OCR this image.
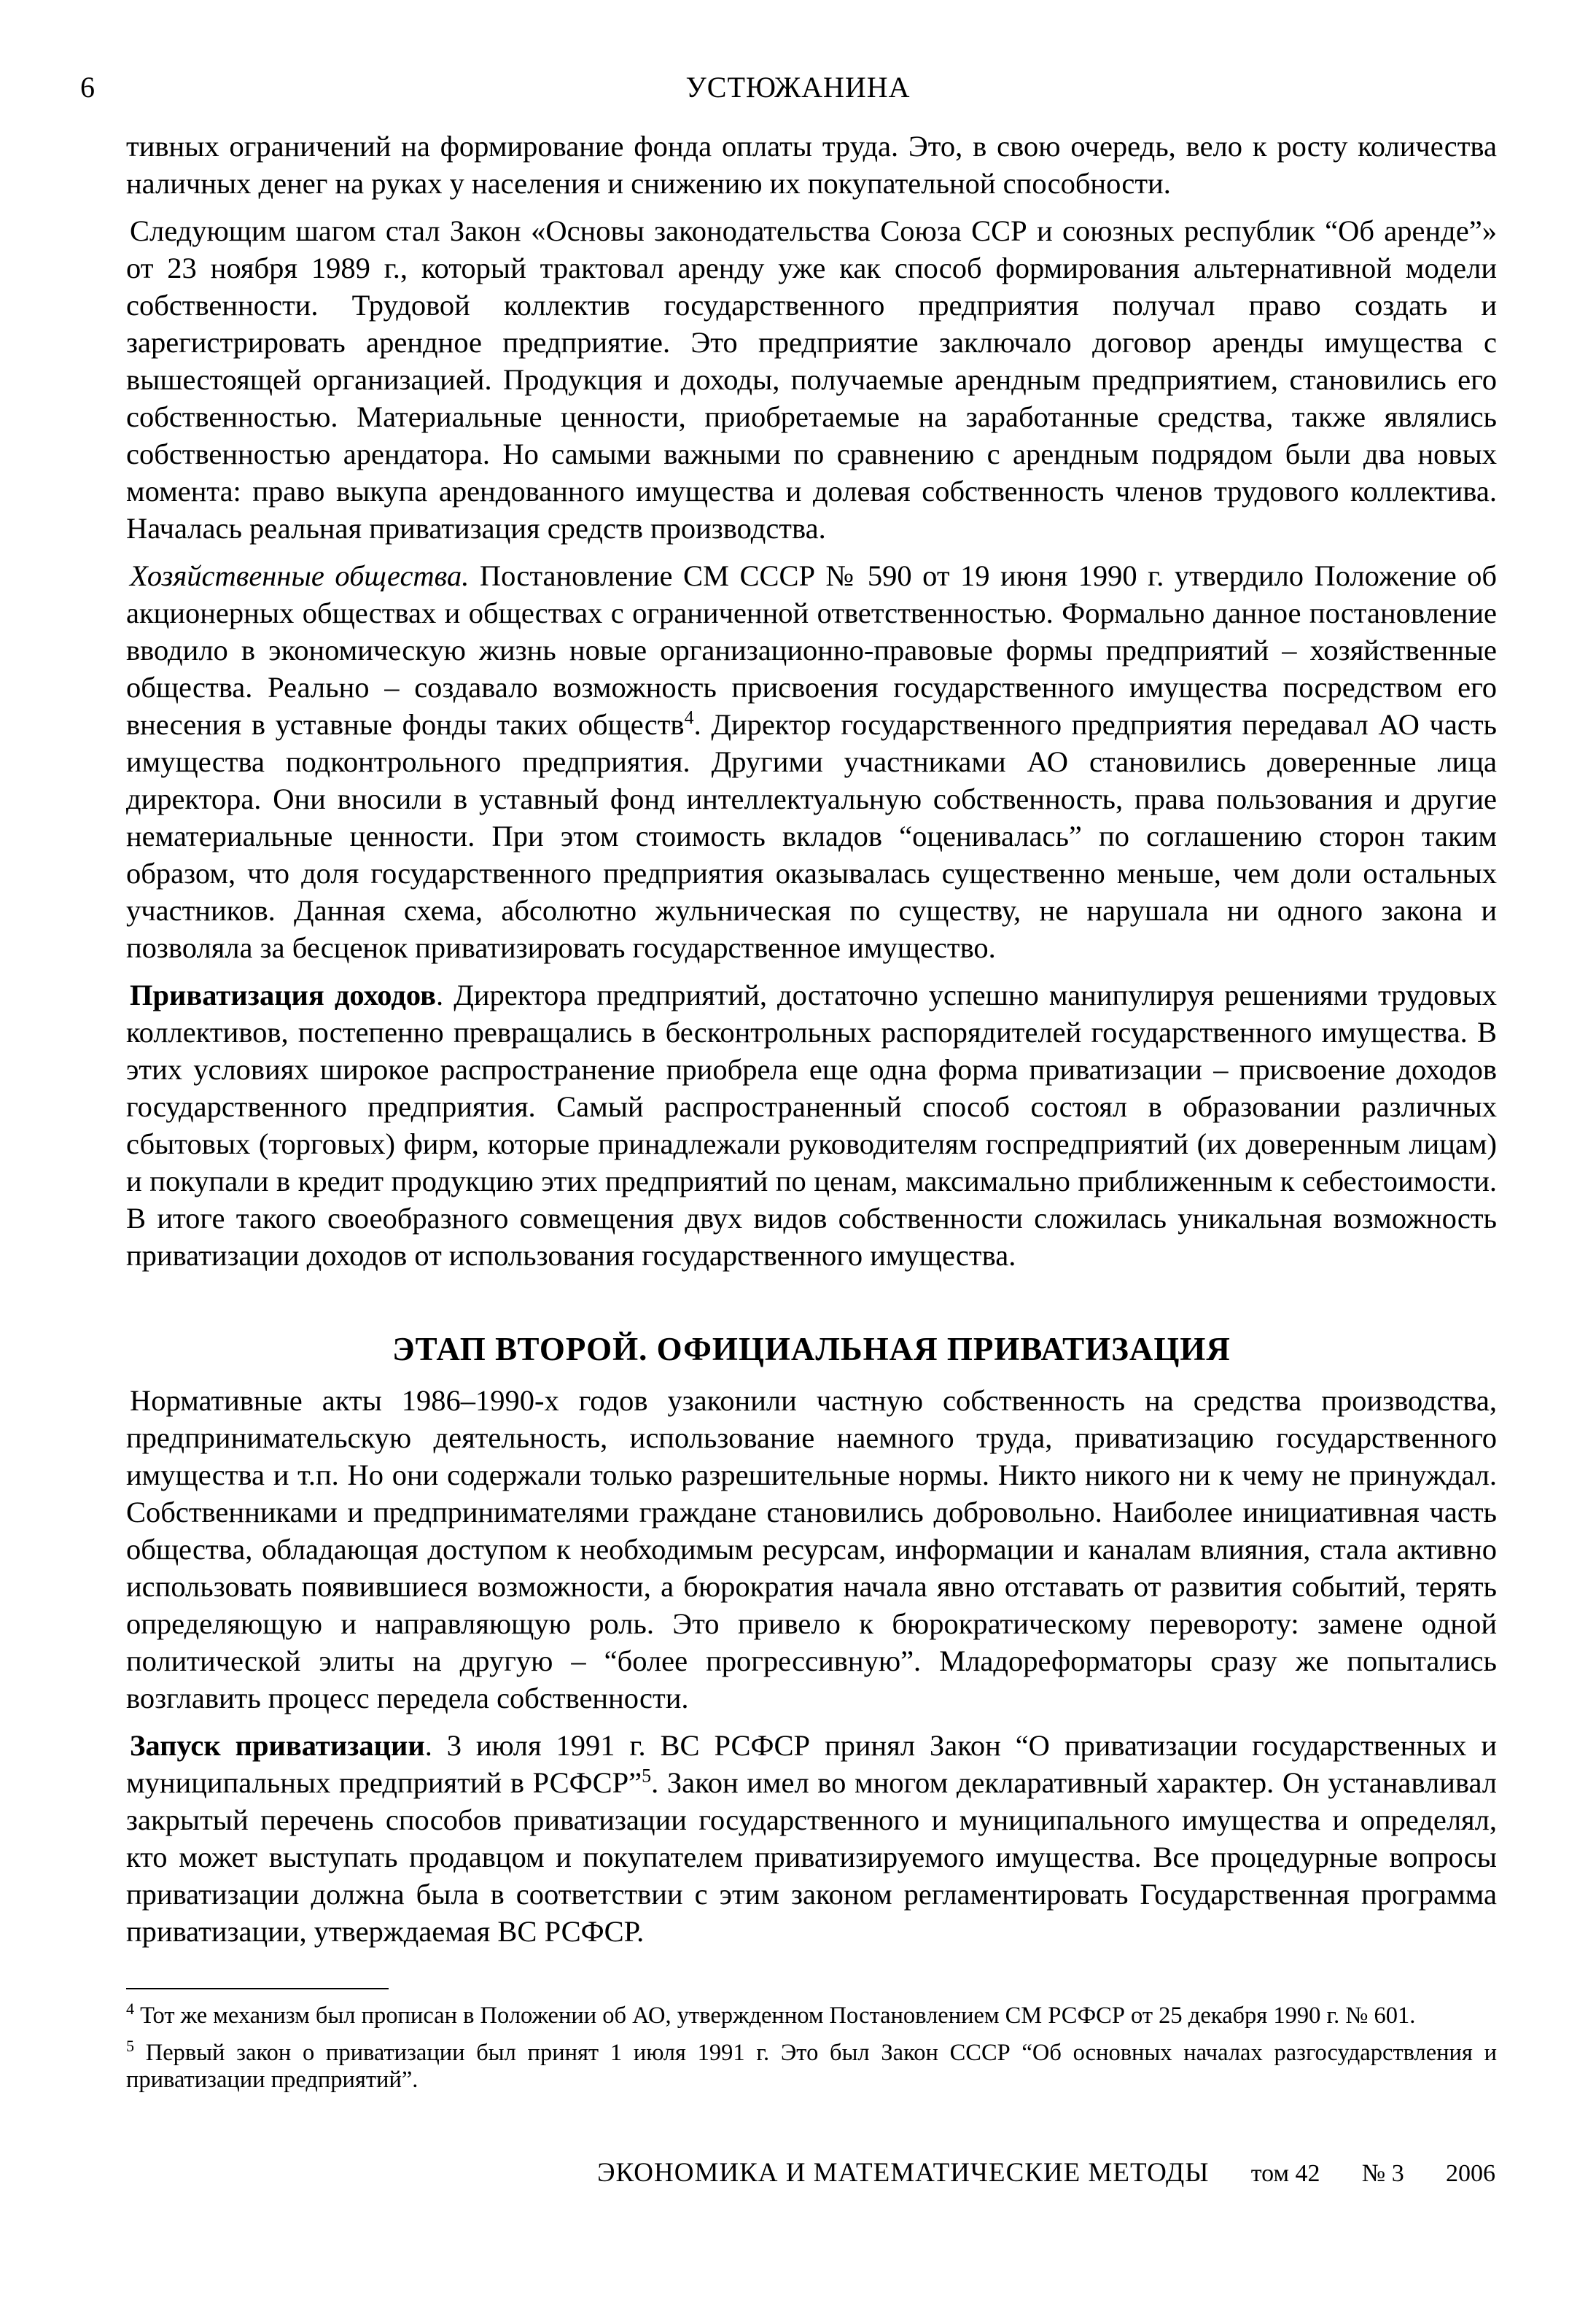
6	УСТЮЖАНИНА

тивных ограничений на формирование фонда оплаты труда. Это, в свою очередь, вело к росту количества наличных денег на руках у населения и снижению их покупательной способности.

Следующим шагом стал Закон «Основы законодательства Союза ССР и союзных республик “Об аренде”» от 23 ноября 1989 г., который трактовал аренду уже как способ формирования альтернативной модели собственности. Трудовой коллектив государственного предприятия получал право создать и зарегистрировать арендное предприятие. Это предприятие заключало договор аренды имущества с вышестоящей организацией. Продукция и доходы, получаемые арендным предприятием, становились его собственностью. Материальные ценности, приобретаемые на заработанные средства, также являлись собственностью арендатора. Но самыми важными по сравнению с арендным подрядом были два новых момента: право выкупа арендованного имущества и долевая собственность членов трудового коллектива. Началась реальная приватизация средств производства.

Хозяйственные общества. Постановление СМ СССР № 590 от 19 июня 1990 г. утвердило Положение об акционерных обществах и обществах с ограниченной ответственностью. Формально данное постановление вводило в экономическую жизнь новые организационно-правовые формы предприятий – хозяйственные общества. Реально – создавало возможность присвоения государственного имущества посредством его внесения в уставные фонды таких обществ$^4$. Директор государственного предприятия передавал АО часть имущества подконтрольного предприятия. Другими участниками АО становились доверенные лица директора. Они вносили в уставный фонд интеллектуальную собственность, права пользования и другие нематериальные ценности. При этом стоимость вкладов “оценивалась” по соглашению сторон таким образом, что доля государственного предприятия оказывалась существенно меньше, чем доли остальных участников. Данная схема, абсолютно жульническая по существу, не нарушала ни одного закона и позволяла за бесценок приватизировать государственное имущество.

Приватизация доходов. Директора предприятий, достаточно успешно манипулируя решениями трудовых коллективов, постепенно превращались в бесконтрольных распорядителей государственного имущества. В этих условиях широкое распространение приобрела еще одна форма приватизации – присвоение доходов государственного предприятия. Самый распространенный способ состоял в образовании различных сбытовых (торговых) фирм, которые принадлежали руководителям госпредприятий (их доверенным лицам) и покупали в кредит продукцию этих предприятий по ценам, максимально приближенным к себестоимости. В итоге такого своеобразного совмещения двух видов собственности сложилась уникальная возможность приватизации доходов от использования государственного имущества.

ЭТАП ВТОРОЙ. ОФИЦИАЛЬНАЯ ПРИВАТИЗАЦИЯ

Нормативные акты 1986–1990-х годов узаконили частную собственность на средства производства, предпринимательскую деятельность, использование наемного труда, приватизацию государственного имущества и т.п. Но они содержали только разрешительные нормы. Никто никого ни к чему не принуждал. Собственниками и предпринимателями граждане становились добровольно. Наиболее инициативная часть общества, обладающая доступом к необходимым ресурсам, информации и каналам влияния, стала активно использовать появившиеся возможности, а бюрократия начала явно отставать от развития событий, терять определяющую и направляющую роль. Это привело к бюрократическому перевороту: замене одной политической элиты на другую – “более прогрессивную”. Младореформаторы сразу же попытались возглавить процесс передела собственности.

Запуск приватизации. 3 июля 1991 г. ВС РСФСР принял Закон “О приватизации государственных и муниципальных предприятий в РСФСР”$^5$. Закон имел во многом декларативный характер. Он устанавливал закрытый перечень способов приватизации государственного и муниципального имущества и определял, кто может выступать продавцом и покупателем приватизируемого имущества. Все процедурные вопросы приватизации должна была в соответствии с этим законом регламентировать Государственная программа приватизации, утверждаемая ВС РСФСР.

$^4$ Тот же механизм был прописан в Положении об АО, утвержденном Постановлением СМ РСФСР от 25 декабря 1990 г. № 601.

$^5$ Первый закон о приватизации был принят 1 июля 1991 г. Это был Закон СССР “Об основных началах разгосударствления и приватизации предприятий”.

ЭКОНОМИКА И МАТЕМАТИЧЕСКИЕ МЕТОДЫ том 42 № 3 2006
